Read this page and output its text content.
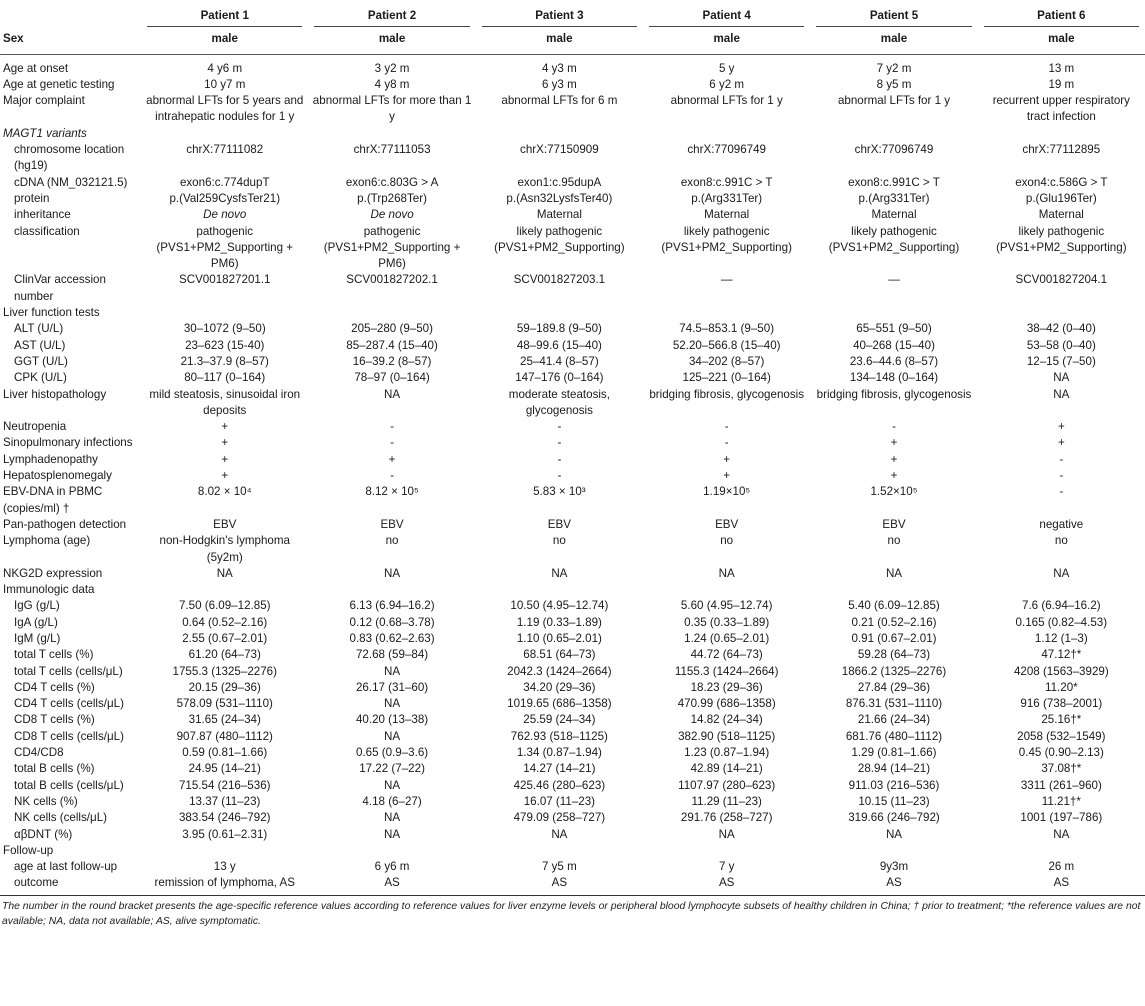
	Patient 1	Patient 2	Patient 3	Patient 4	Patient 5	Patient 6

Sex	male	male	male	male	male	male
Age at onset	4 y6 m	3 y2 m	4 y3 m	5 y	7 y2 m	13 m
Age at genetic testing	10 y7 m	4 y8 m	6 y3 m	6 y2 m	8 y5 m	19 m
Major complaint	abnormal LFTs for 5 years and intrahepatic nodules for 1 y	abnormal LFTs for more than 1 y	abnormal LFTs for 6 m	abnormal LFTs for 1 y	abnormal LFTs for 1 y	recurrent upper respiratory tract infection
MAGT1 variants						
chromosome location (hg19)	chrX:77111082	chrX:77111053	chrX:77150909	chrX:77096749	chrX:77096749	chrX:77112895
cDNA (NM_032121.5)	exon6:c.774dupT	exon6:c.803G > A	exon1:c.95dupA	exon8:c.991C > T	exon8:c.991C > T	exon4:c.586G > T
protein	p.(Val259CysfsTer21)	p.(Trp268Ter)	p.(Asn32LysfsTer40)	p.(Arg331Ter)	p.(Arg331Ter)	p.(Glu196Ter)
inheritance	De novo	De novo	Maternal	Maternal	Maternal	Maternal
classification	pathogenic (PVS1+PM2_Supporting + PM6)	pathogenic (PVS1+PM2_Supporting + PM6)	likely pathogenic (PVS1+PM2_Supporting)	likely pathogenic (PVS1+PM2_Supporting)	likely pathogenic (PVS1+PM2_Supporting)	likely pathogenic (PVS1+PM2_Supporting)
ClinVar accession number	SCV001827201.1	SCV001827202.1	SCV001827203.1	—	—	SCV001827204.1
Liver function tests						
ALT (U/L)	30–1072 (9–50)	205–280 (9–50)	59–189.8 (9–50)	74.5–853.1 (9–50)	65–551 (9–50)	38–42 (0–40)
AST (U/L)	23–623 (15-40)	85–287.4 (15–40)	48–99.6 (15–40)	52.20–566.8 (15–40)	40–268 (15–40)	53–58 (0–40)
GGT (U/L)	21.3–37.9 (8–57)	16–39.2 (8–57)	25–41.4 (8–57)	34–202 (8–57)	23.6–44.6 (8–57)	12–15 (7–50)
CPK (U/L)	80–117 (0–164)	78–97 (0–164)	147–176 (0–164)	125–221 (0–164)	134–148 (0–164)	NA
Liver histopathology	mild steatosis, sinusoidal iron deposits	NA	moderate steatosis, glycogenosis	bridging fibrosis, glycogenosis	bridging fibrosis, glycogenosis	NA
Neutropenia	+	-	-	-	-	+
Sinopulmonary infections	+	-	-	-	+	+
Lymphadenopathy	+	+	-	+	+	-
Hepatosplenomegaly	+	-	-	+	+	-
EBV-DNA in PBMC (copies/ml) †	8.02 × 10⁴	8.12 × 10⁵	5.83 × 10³	1.19×10⁵	1.52×10⁵	-
Pan-pathogen detection	EBV	EBV	EBV	EBV	EBV	negative
Lymphoma (age)	non-Hodgkin's lymphoma (5y2m)	no	no	no	no	no
NKG2D expression	NA	NA	NA	NA	NA	NA
Immunologic data						
IgG (g/L)	7.50 (6.09–12.85)	6.13 (6.94–16.2)	10.50 (4.95–12.74)	5.60 (4.95–12.74)	5.40 (6.09–12.85)	7.6 (6.94–16.2)
IgA (g/L)	0.64 (0.52–2.16)	0.12 (0.68–3.78)	1.19 (0.33–1.89)	0.35 (0.33–1.89)	0.21 (0.52–2.16)	0.165 (0.82–4.53)
IgM (g/L)	2.55 (0.67–2.01)	0.83 (0.62–2.63)	1.10 (0.65–2.01)	1.24 (0.65–2.01)	0.91 (0.67–2.01)	1.12 (1–3)
total T cells (%)	61.20 (64–73)	72.68 (59–84)	68.51 (64–73)	44.72 (64–73)	59.28 (64–73)	47.12†*
total T cells (cells/μL)	1755.3 (1325–2276)	NA	2042.3 (1424–2664)	1155.3 (1424–2664)	1866.2 (1325–2276)	4208 (1563–3929)
CD4 T cells (%)	20.15 (29–36)	26.17 (31–60)	34.20 (29–36)	18.23 (29–36)	27.84 (29–36)	11.20*
CD4 T cells (cells/μL)	578.09 (531–1110)	NA	1019.65 (686–1358)	470.99 (686–1358)	876.31 (531–1110)	916 (738–2001)
CD8 T cells (%)	31.65 (24–34)	40.20 (13–38)	25.59 (24–34)	14.82 (24–34)	21.66 (24–34)	25.16†*
CD8 T cells (cells/μL)	907.87 (480–1112)	NA	762.93 (518–1125)	382.90 (518–1125)	681.76 (480–1112)	2058 (532–1549)
CD4/CD8	0.59 (0.81–1.66)	0.65 (0.9–3.6)	1.34 (0.87–1.94)	1.23 (0.87–1.94)	1.29 (0.81–1.66)	0.45 (0.90–2.13)
total B cells (%)	24.95 (14–21)	17.22 (7–22)	14.27 (14–21)	42.89 (14–21)	28.94 (14–21)	37.08†*
total B cells (cells/μL)	715.54 (216–536)	NA	425.46 (280–623)	1107.97 (280–623)	911.03 (216–536)	3311 (261–960)
NK cells (%)	13.37 (11–23)	4.18 (6–27)	16.07 (11–23)	11.29 (11–23)	10.15 (11–23)	11.21†*
NK cells (cells/μL)	383.54 (246–792)	NA	479.09 (258–727)	291.76 (258–727)	319.66 (246–792)	1001 (197–786)
αβDNT (%)	3.95 (0.61–2.31)	NA	NA	NA	NA	NA
Follow-up						
age at last follow-up	13 y	6 y6 m	7 y5 m	7 y	9y3m	26 m
outcome	remission of lymphoma, AS	AS	AS	AS	AS	AS
The number in the round bracket presents the age-specific reference values according to reference values for liver enzyme levels or peripheral blood lymphocyte subsets of healthy children in China; † prior to treatment; *the reference values are not available; NA, data not available; AS, alive symptomatic.
